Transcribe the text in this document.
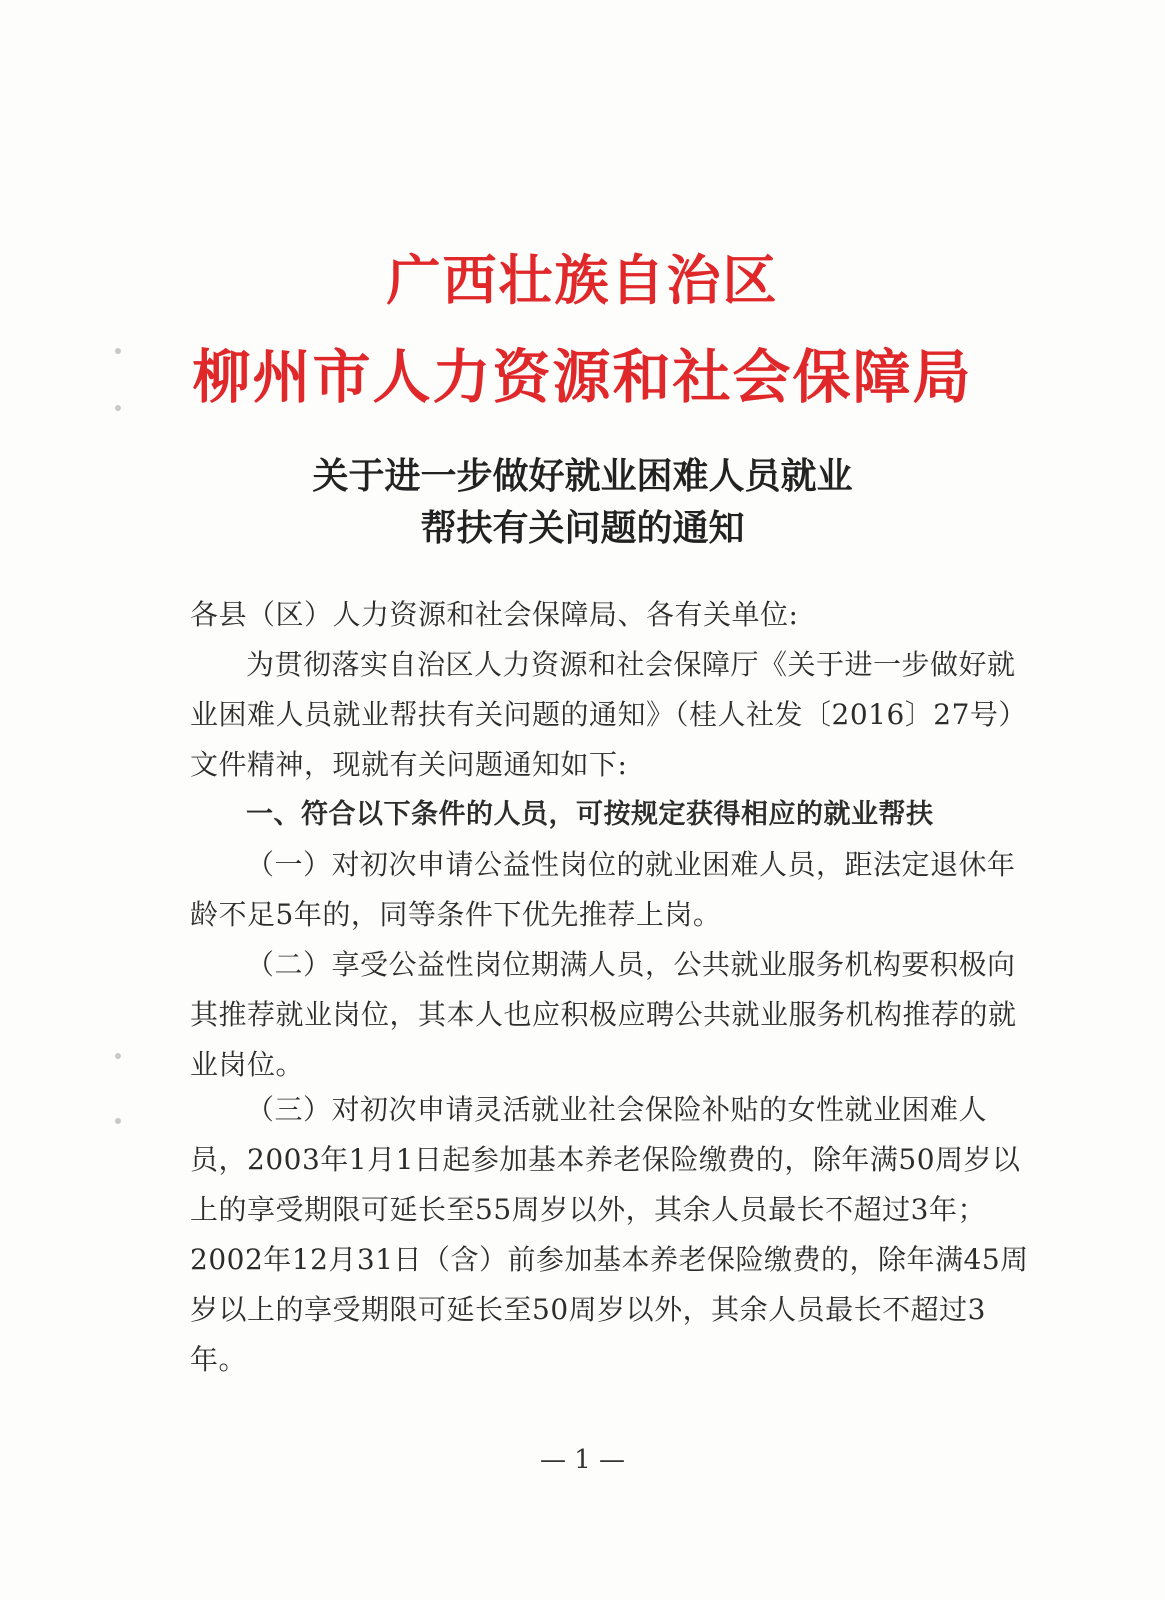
广西壮族自治区
柳州市人力资源和社会保障局
关于进一步做好就业困难人员就业
帮扶有关问题的通知
各县（区）人力资源和社会保障局、各有关单位:

为贯彻落实自治区人力资源和社会保障厅《关于进一步做好就业困难人员就业帮扶有关问题的通知》（桂人社发〔2016〕27号）文件精神，现就有关问题通知如下:

一、符合以下条件的人员，可按规定获得相应的就业帮扶

（一）对初次申请公益性岗位的就业困难人员，距法定退休年龄不足5年的，同等条件下优先推荐上岗。

（二）享受公益性岗位期满人员，公共就业服务机构要积极向其推荐就业岗位，其本人也应积极应聘公共就业服务机构推荐的就业岗位。

（三）对初次申请灵活就业社会保险补贴的女性就业困难人员，2003年1月1日起参加基本养老保险缴费的，除年满50周岁以上的享受期限可延长至55周岁以外，其余人员最长不超过3年；2002年12月31日（含）前参加基本养老保险缴费的，除年满45周岁以上的享受期限可延长至50周岁以外，其余人员最长不超过3年。

— 1 —
